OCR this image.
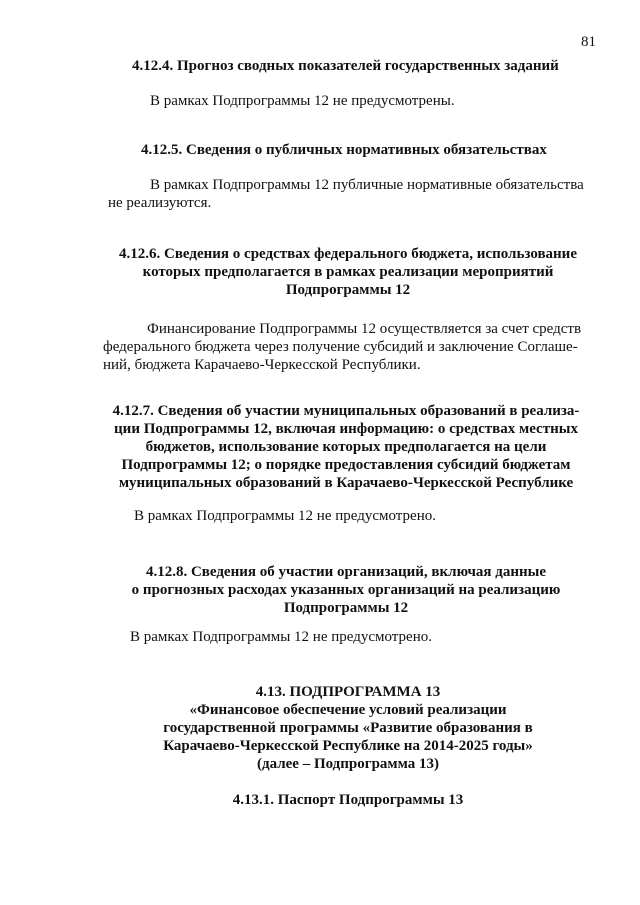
81
4.12.4. Прогноз сводных показателей государственных заданий
В рамках Подпрограммы 12 не предусмотрены.
4.12.5. Сведения о публичных нормативных обязательствах
В рамках Подпрограммы 12 публичные нормативные обязательства
не реализуются.
4.12.6. Сведения о средствах федерального бюджета, использование
которых предполагается в рамках реализации мероприятий
Подпрограммы 12
Финансирование Подпрограммы 12 осуществляется за счет средств
федерального бюджета через получение субсидий и заключение Соглаше-
ний, бюджета Карачаево-Черкесской Республики.
4.12.7. Сведения об участии муниципальных образований в реализа-
ции Подпрограммы 12, включая информацию: о средствах местных
бюджетов, использование которых предполагается на цели
Подпрограммы 12; о порядке предоставления субсидий бюджетам
муниципальных образований в Карачаево-Черкесской Республике
В рамках Подпрограммы 12 не предусмотрено.
4.12.8. Сведения об участии организаций, включая данные
о прогнозных расходах указанных организаций на реализацию
Подпрограммы 12
В рамках Подпрограммы 12 не предусмотрено.
4.13. ПОДПРОГРАММА 13
«Финансовое обеспечение условий реализации
государственной программы «Развитие образования в
Карачаево-Черкесской Республике на 2014-2025 годы»
(далее – Подпрограмма 13)
4.13.1. Паспорт Подпрограммы 13
